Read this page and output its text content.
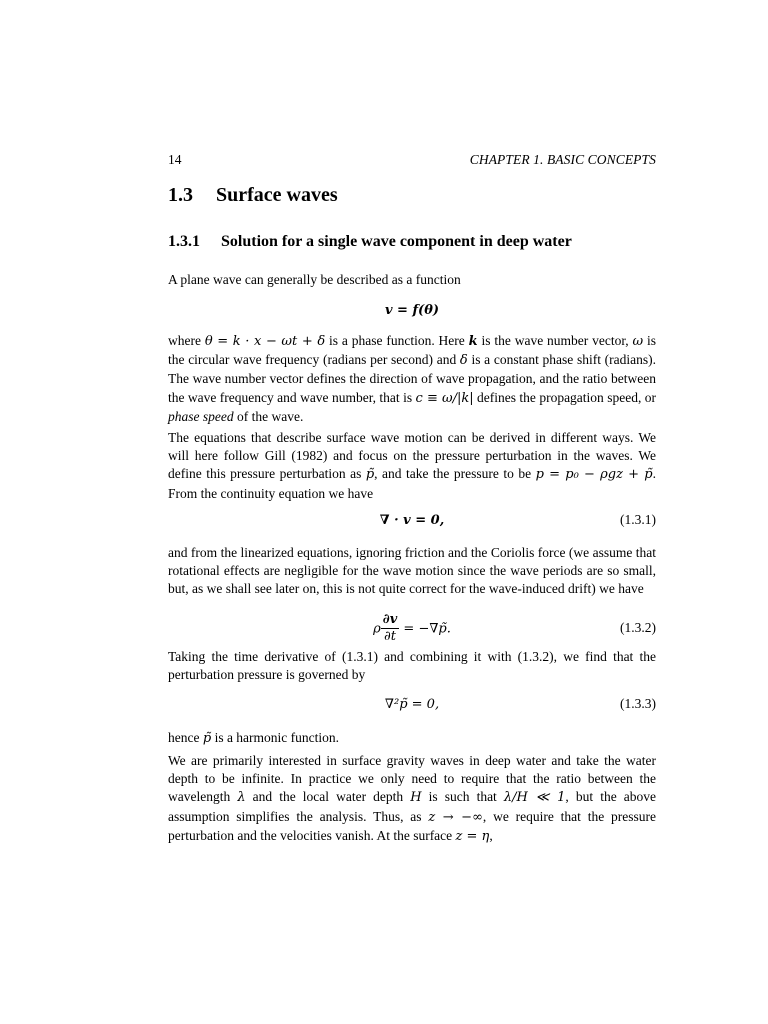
14	CHAPTER 1. BASIC CONCEPTS
1.3 Surface waves
1.3.1 Solution for a single wave component in deep water

A plane wave can generally be described as a function

v = f(θ)

where θ = k · x − ωt + δ is a phase function. Here k is the wave number vector, ω is the circular wave frequency (radians per second) and δ is a constant phase shift (radians). The wave number vector defines the direction of wave propagation, and the ratio between the wave frequency and wave number, that is c ≡ ω/|k| defines the propagation speed, or phase speed of the wave.

The equations that describe surface wave motion can be derived in different ways. We will here follow Gill (1982) and focus on the pressure perturbation in the waves. We define this pressure perturbation as p̃, and take the pressure to be p = p₀ − ρgz + p̃. From the continuity equation we have

∇ · v = 0,	(1.3.1)

and from the linearized equations, ignoring friction and the Coriolis force (we assume that rotational effects are negligible for the wave motion since the wave periods are so small, but, as we shall see later on, this is not quite correct for the wave-induced drift) we have

ρ $\frac{\partial v}{\partial t}$ = −∇p̃.	(1.3.2)

Taking the time derivative of (1.3.1) and combining it with (1.3.2), we find that the perturbation pressure is governed by

∇²p̃ = 0,	(1.3.3)

hence p̃ is a harmonic function.

We are primarily interested in surface gravity waves in deep water and take the water depth to be infinite. In practice we only need to require that the ratio between the wavelength λ and the local water depth H is such that λ/H ≪ 1, but the above assumption simplifies the analysis. Thus, as z → −∞, we require that the pressure perturbation and the velocities vanish. At the surface z = η,
